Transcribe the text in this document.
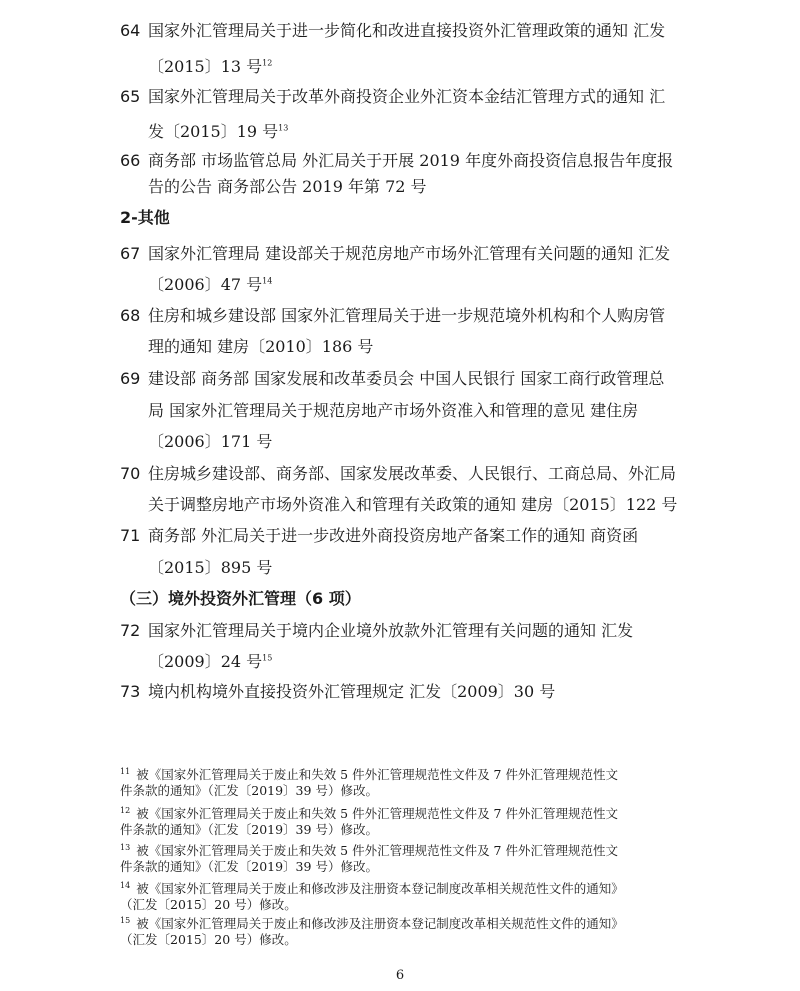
64 国家外汇管理局关于进一步简化和改进直接投资外汇管理政策的通知 汇发
〔2015〕13 号$^{12}$
65 国家外汇管理局关于改革外商投资企业外汇资本金结汇管理方式的通知 汇
发〔2015〕19 号$^{13}$
66 商务部 市场监管总局 外汇局关于开展 2019 年度外商投资信息报告年度报
告的公告 商务部公告 2019 年第 72 号
2-其他
67 国家外汇管理局 建设部关于规范房地产市场外汇管理有关问题的通知 汇发
〔2006〕47 号$^{14}$
68 住房和城乡建设部 国家外汇管理局关于进一步规范境外机构和个人购房管
理的通知 建房〔2010〕186 号
69 建设部 商务部 国家发展和改革委员会 中国人民银行 国家工商行政管理总
局 国家外汇管理局关于规范房地产市场外资准入和管理的意见 建住房
〔2006〕171 号
70 住房城乡建设部、商务部、国家发展改革委、人民银行、工商总局、外汇局
关于调整房地产市场外资准入和管理有关政策的通知 建房〔2015〕122 号
71 商务部 外汇局关于进一步改进外商投资房地产备案工作的通知 商资函
〔2015〕895 号
（三）境外投资外汇管理（6 项）
72 国家外汇管理局关于境内企业境外放款外汇管理有关问题的通知 汇发
〔2009〕24 号$^{15}$
73 境内机构境外直接投资外汇管理规定 汇发〔2009〕30 号
$^{11}$ 被《国家外汇管理局关于废止和失效 5 件外汇管理规范性文件及 7 件外汇管理规范性文
件条款的通知》（汇发〔2019〕39 号）修改。
$^{12}$ 被《国家外汇管理局关于废止和失效 5 件外汇管理规范性文件及 7 件外汇管理规范性文
件条款的通知》（汇发〔2019〕39 号）修改。
$^{13}$ 被《国家外汇管理局关于废止和失效 5 件外汇管理规范性文件及 7 件外汇管理规范性文
件条款的通知》（汇发〔2019〕39 号）修改。
$^{14}$ 被《国家外汇管理局关于废止和修改涉及注册资本登记制度改革相关规范性文件的通知》
（汇发〔2015〕20 号）修改。
$^{15}$ 被《国家外汇管理局关于废止和修改涉及注册资本登记制度改革相关规范性文件的通知》
（汇发〔2015〕20 号）修改。
6
